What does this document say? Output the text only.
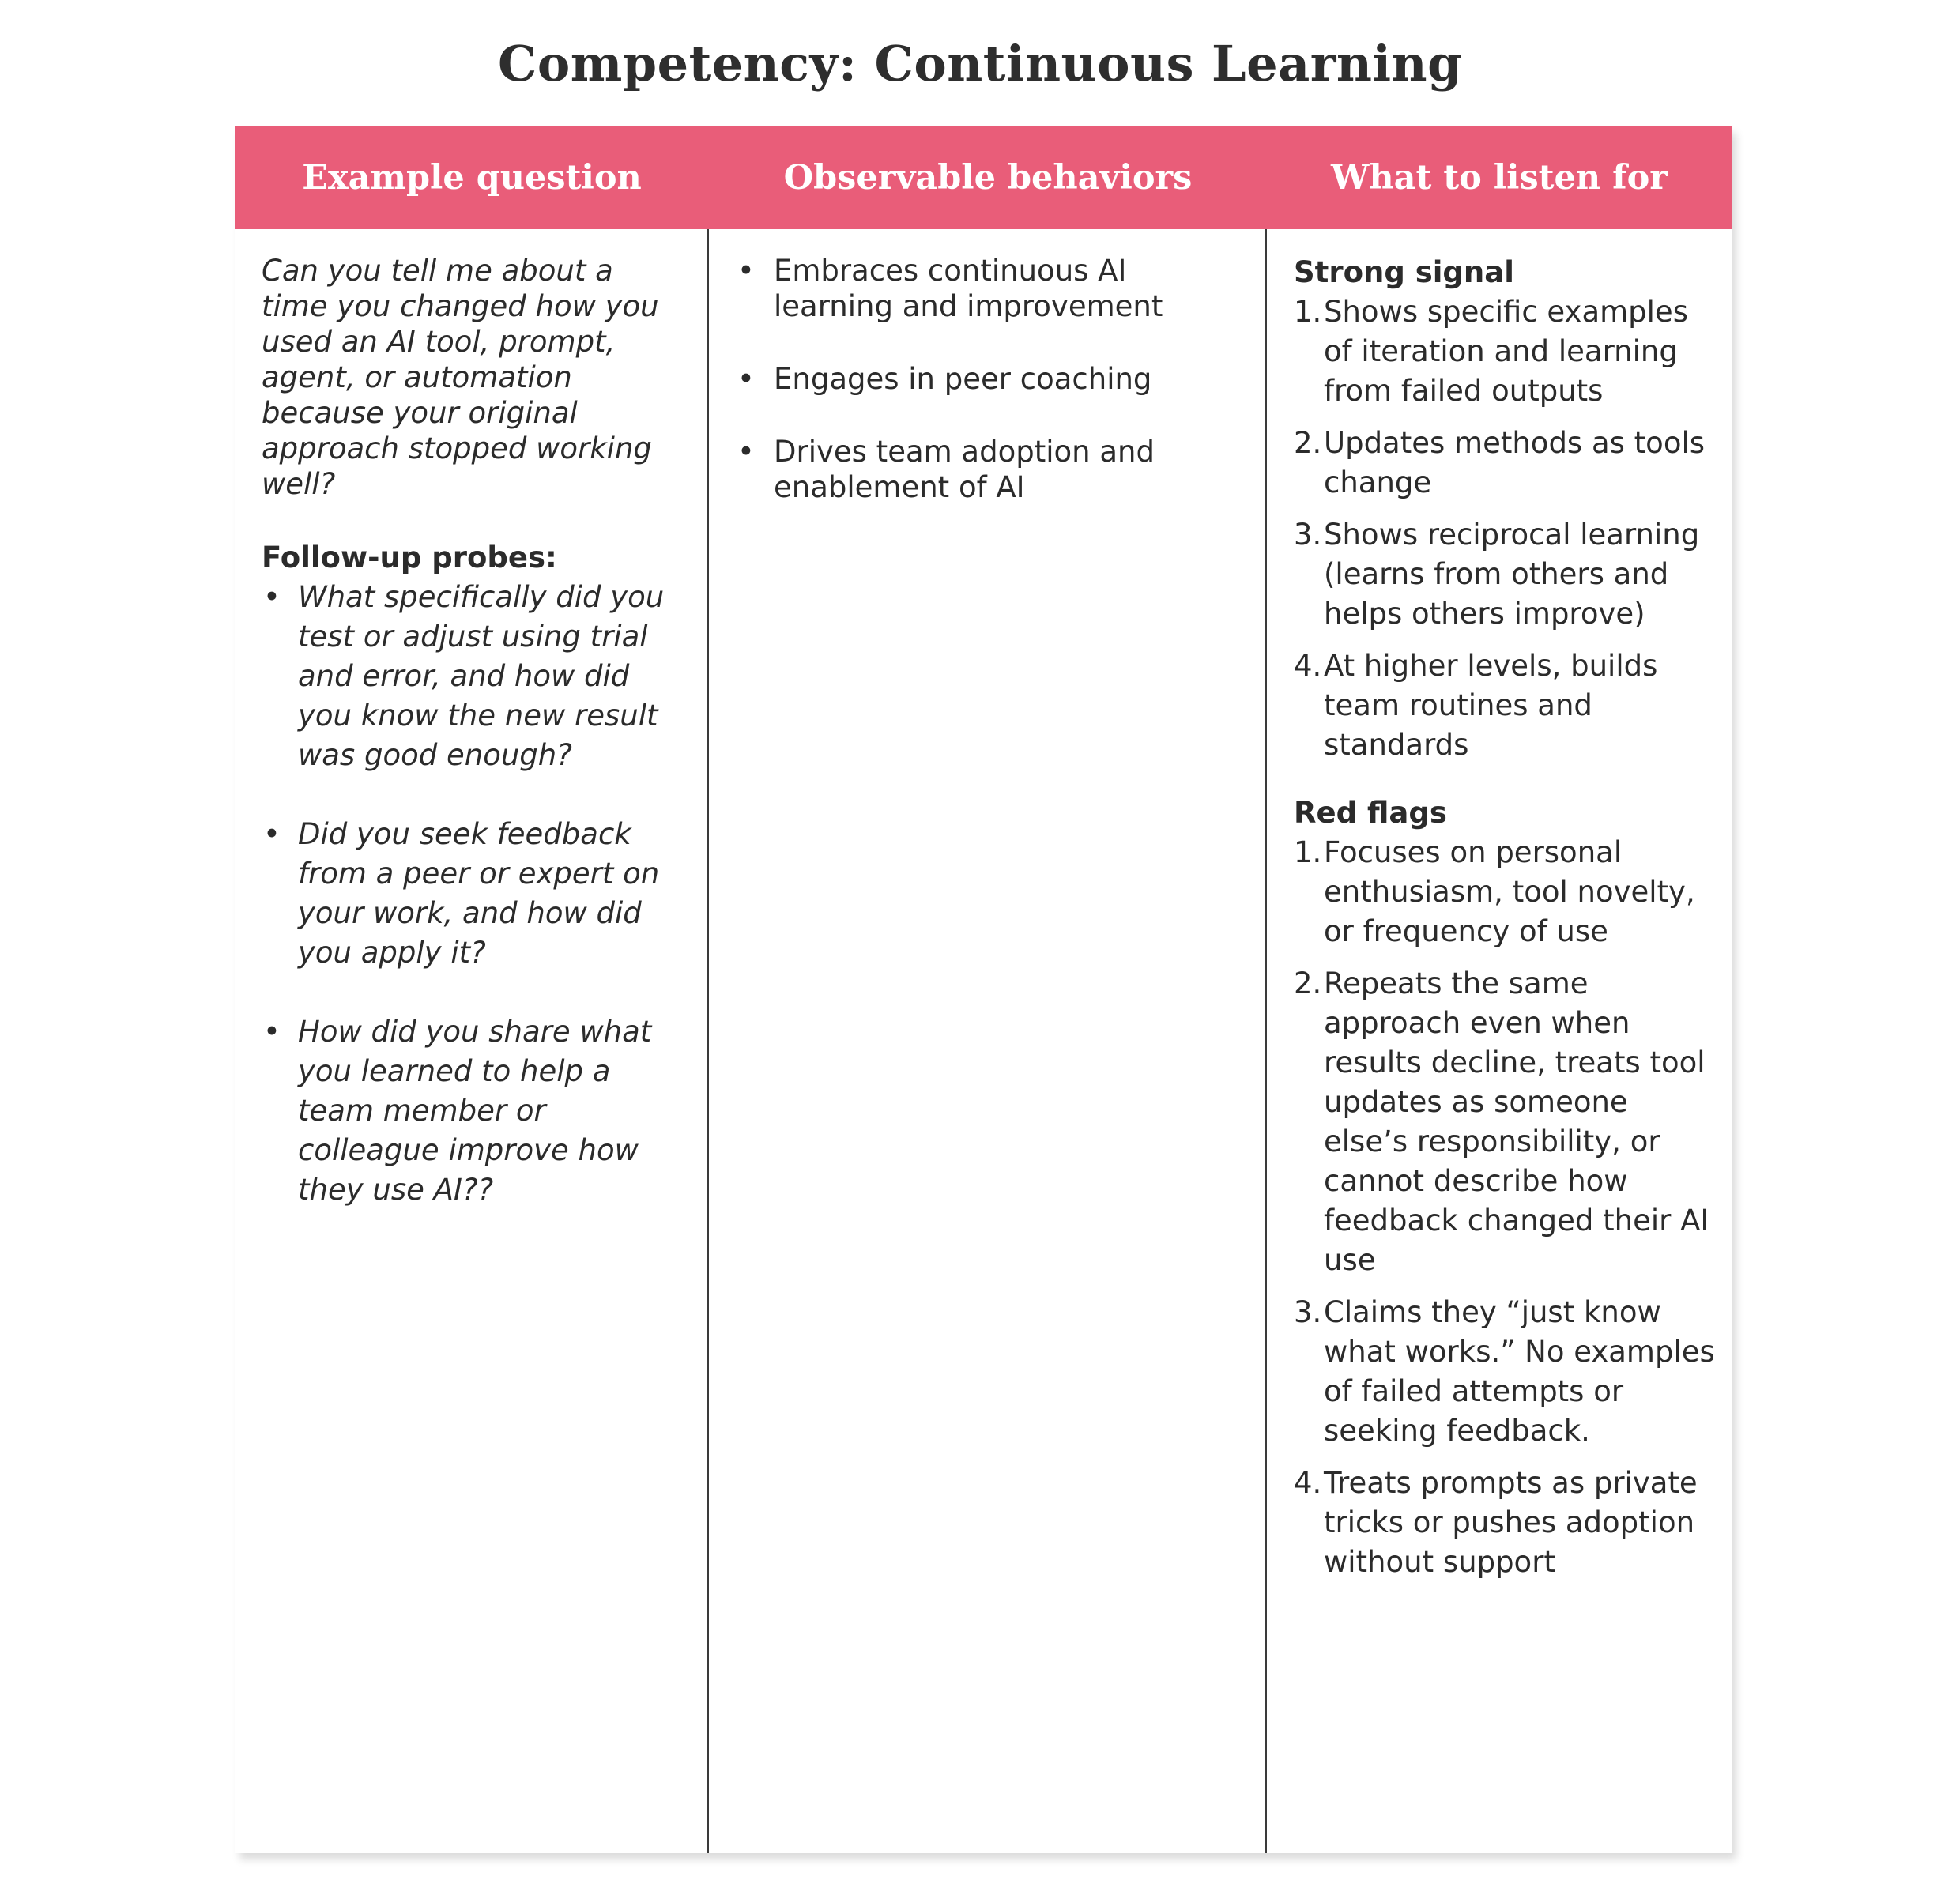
Competency: Continuous Learning
Example question	Observable behaviors	What to listen for

Can you tell me about a time you changed how you used an AI tool, prompt, agent, or automation because your original approach stopped working well?

Follow-up probes:

• What specifically did you test or adjust using trial and error, and how did you know the new result was good enough?
• Did you seek feedback from a peer or expert on your work, and how did you apply it?
• How did you share what you learned to help a team member or colleague improve how they use AI??
• Embraces continuous AI learning and improvement
• Engages in peer coaching
• Drives team adoption and enablement of AI

Strong signal

1. Shows specific examples of iteration and learning from failed outputs
2. Updates methods as tools change
3. Shows reciprocal learning (learns from others and helps others improve)
4. At higher levels, builds team routines and standards

Red flags

1. Focuses on personal enthusiasm, tool novelty, or frequency of use
2. Repeats the same approach even when results decline, treats tool updates as someone else’s responsibility, or cannot describe how feedback changed their AI use
3. Claims they “just know what works.” No examples of failed attempts or seeking feedback.
4. Treats prompts as private tricks or pushes adoption without support
